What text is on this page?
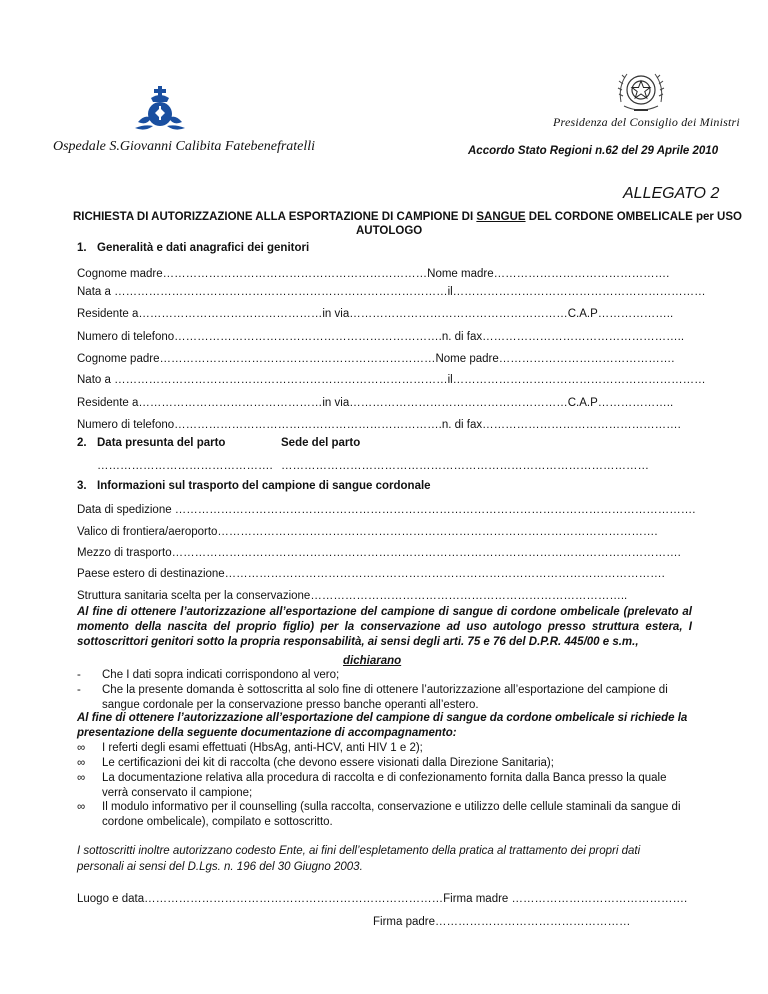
Presidenza del Consiglio dei Ministri
Ospedale S.Giovanni Calibita Fatebenefratelli	Accordo Stato Regioni n.62 del 29 Aprile 2010
ALLEGATO 2
RICHIESTA DI AUTORIZZAZIONE ALLA ESPORTAZIONE DI CAMPIONE DI SANGUE DEL CORDONE OMBELICALE per USO
AUTOLOGO
1. Generalità e dati anagrafici dei genitori
Cognome madre……………………………………………………………Nome madre……………………………………….
Nata a ……………………………………………………………………………il…………………………………………………………
Residente a…………………………………………in via…………………………………………………C.A.P………………..
Numero di telefono…………………………………………………………….n. di fax……………………………………………..
Cognome padre………………………………………………………………Nome padre……………………………………….
Nato a ……………………………………………………………………………il…………………………………………………………
Residente a…………………………………………in via…………………………………………………C.A.P………………..
Numero di telefono…………………………………………………………….n. di fax…………………………………………….
2. Data presunta del parto	Sede del parto
………………………………………. ……………………………………………………………………………………
3. Informazioni sul trasporto del campione di sangue cordonale
Data di spedizione ……………………………………………………………………………………………………………………….
Valico di frontiera/aeroporto…………………………………………………………………………………………………….
Mezzo di trasporto…………………………………………………………………………………………………………………….
Paese estero di destinazione…………………………………………………………………………………………………….
Struttura sanitaria scelta per la conservazione………………………………………………………………………..
Al fine di ottenere l’autorizzazione all’esportazione del campione di sangue di cordone ombelicale (prelevato al momento della nascita del proprio figlio) per la conservazione ad uso autologo presso struttura estera, I sottoscrittori genitori sotto la propria responsabilità, ai sensi degli arti. 75 e 76 del D.P.R. 445/00 e s.m.,
dichiarano
- Che I dati sopra indicati corrispondono al vero;
- Che la presente domanda è sottoscritta al solo fine di ottenere l’autorizzazione all’esportazione del campione di sangue cordonale per la conservazione presso banche operanti all’estero.
Al fine di ottenere l’autorizzazione all’esportazione del campione di sangue da cordone ombelicale si richiede la presentazione della seguente documentazione di accompagnamento:
∞ I referti degli esami effettuati (HbsAg, anti-HCV, anti HIV 1 e 2);
∞ Le certificazioni dei kit di raccolta (che devono essere visionati dalla Direzione Sanitaria);
∞ La documentazione relativa alla procedura di raccolta e di confezionamento fornita dalla Banca presso la quale verrà conservato il campione;
∞ Il modulo informativo per il counselling (sulla raccolta, conservazione e utilizzo delle cellule staminali da sangue di cordone ombelicale), compilato e sottoscritto.
I sottoscritti inoltre autorizzano codesto Ente, ai fini dell’espletamento della pratica al trattamento dei propri dati personali ai sensi del D.Lgs. n. 196 del 30 Giugno 2003.
Luogo e data……………………………………………………………………Firma madre ……………………………………….
Firma padre……………………………………………
